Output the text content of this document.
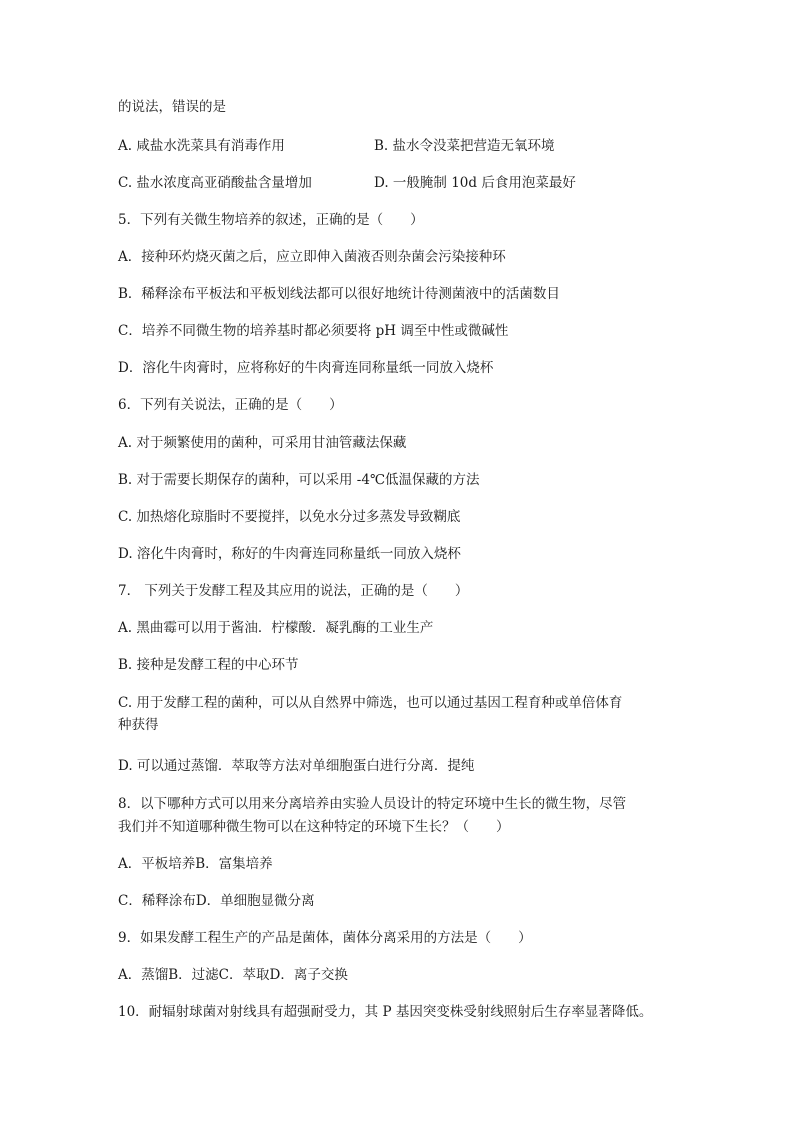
的说法，错误的是
A. 咸盐水洗菜具有消毒作用	B. 盐水令没菜把营造无氧环境
C. 盐水浓度高亚硝酸盐含量增加	D. 一般腌制 10d 后食用泡菜最好
5．下列有关微生物培养的叙述，正确的是（　　）
A．接种环灼烧灭菌之后，应立即伸入菌液否则杂菌会污染接种环
B．稀释涂布平板法和平板划线法都可以很好地统计待测菌液中的活菌数目
C．培养不同微生物的培养基时都必须要将 pH 调至中性或微碱性
D．溶化牛肉膏时，应将称好的牛肉膏连同称量纸一同放入烧杯
6．下列有关说法，正确的是（　　）
A. 对于频繁使用的菌种，可采用甘油管藏法保藏
B. 对于需要长期保存的菌种，可以采用 -4℃低温保藏的方法
C. 加热熔化琼脂时不要搅拌，以免水分过多蒸发导致糊底
D. 溶化牛肉膏时，称好的牛肉膏连同称量纸一同放入烧杯
7． 下列关于发酵工程及其应用的说法，正确的是（　　）
A. 黑曲霉可以用于酱油．柠檬酸．凝乳酶的工业生产
B. 接种是发酵工程的中心环节
C. 用于发酵工程的菌种，可以从自然界中筛选，也可以通过基因工程育种或单倍体育
种获得
D. 可以通过蒸馏．萃取等方法对单细胞蛋白进行分离．提纯
8．以下哪种方式可以用来分离培养由实验人员设计的特定环境中生长的微生物，尽管
我们并不知道哪种微生物可以在这种特定的环境下生长？（　　）
A．平板培养B．富集培养
C．稀释涂布D．单细胞显微分离
9．如果发酵工程生产的产品是菌体，菌体分离采用的方法是（　　）
A．蒸馏B．过滤C．萃取D．离子交换
10．耐辐射球菌对射线具有超强耐受力，其 P 基因突变株受射线照射后生存率显著降低。
